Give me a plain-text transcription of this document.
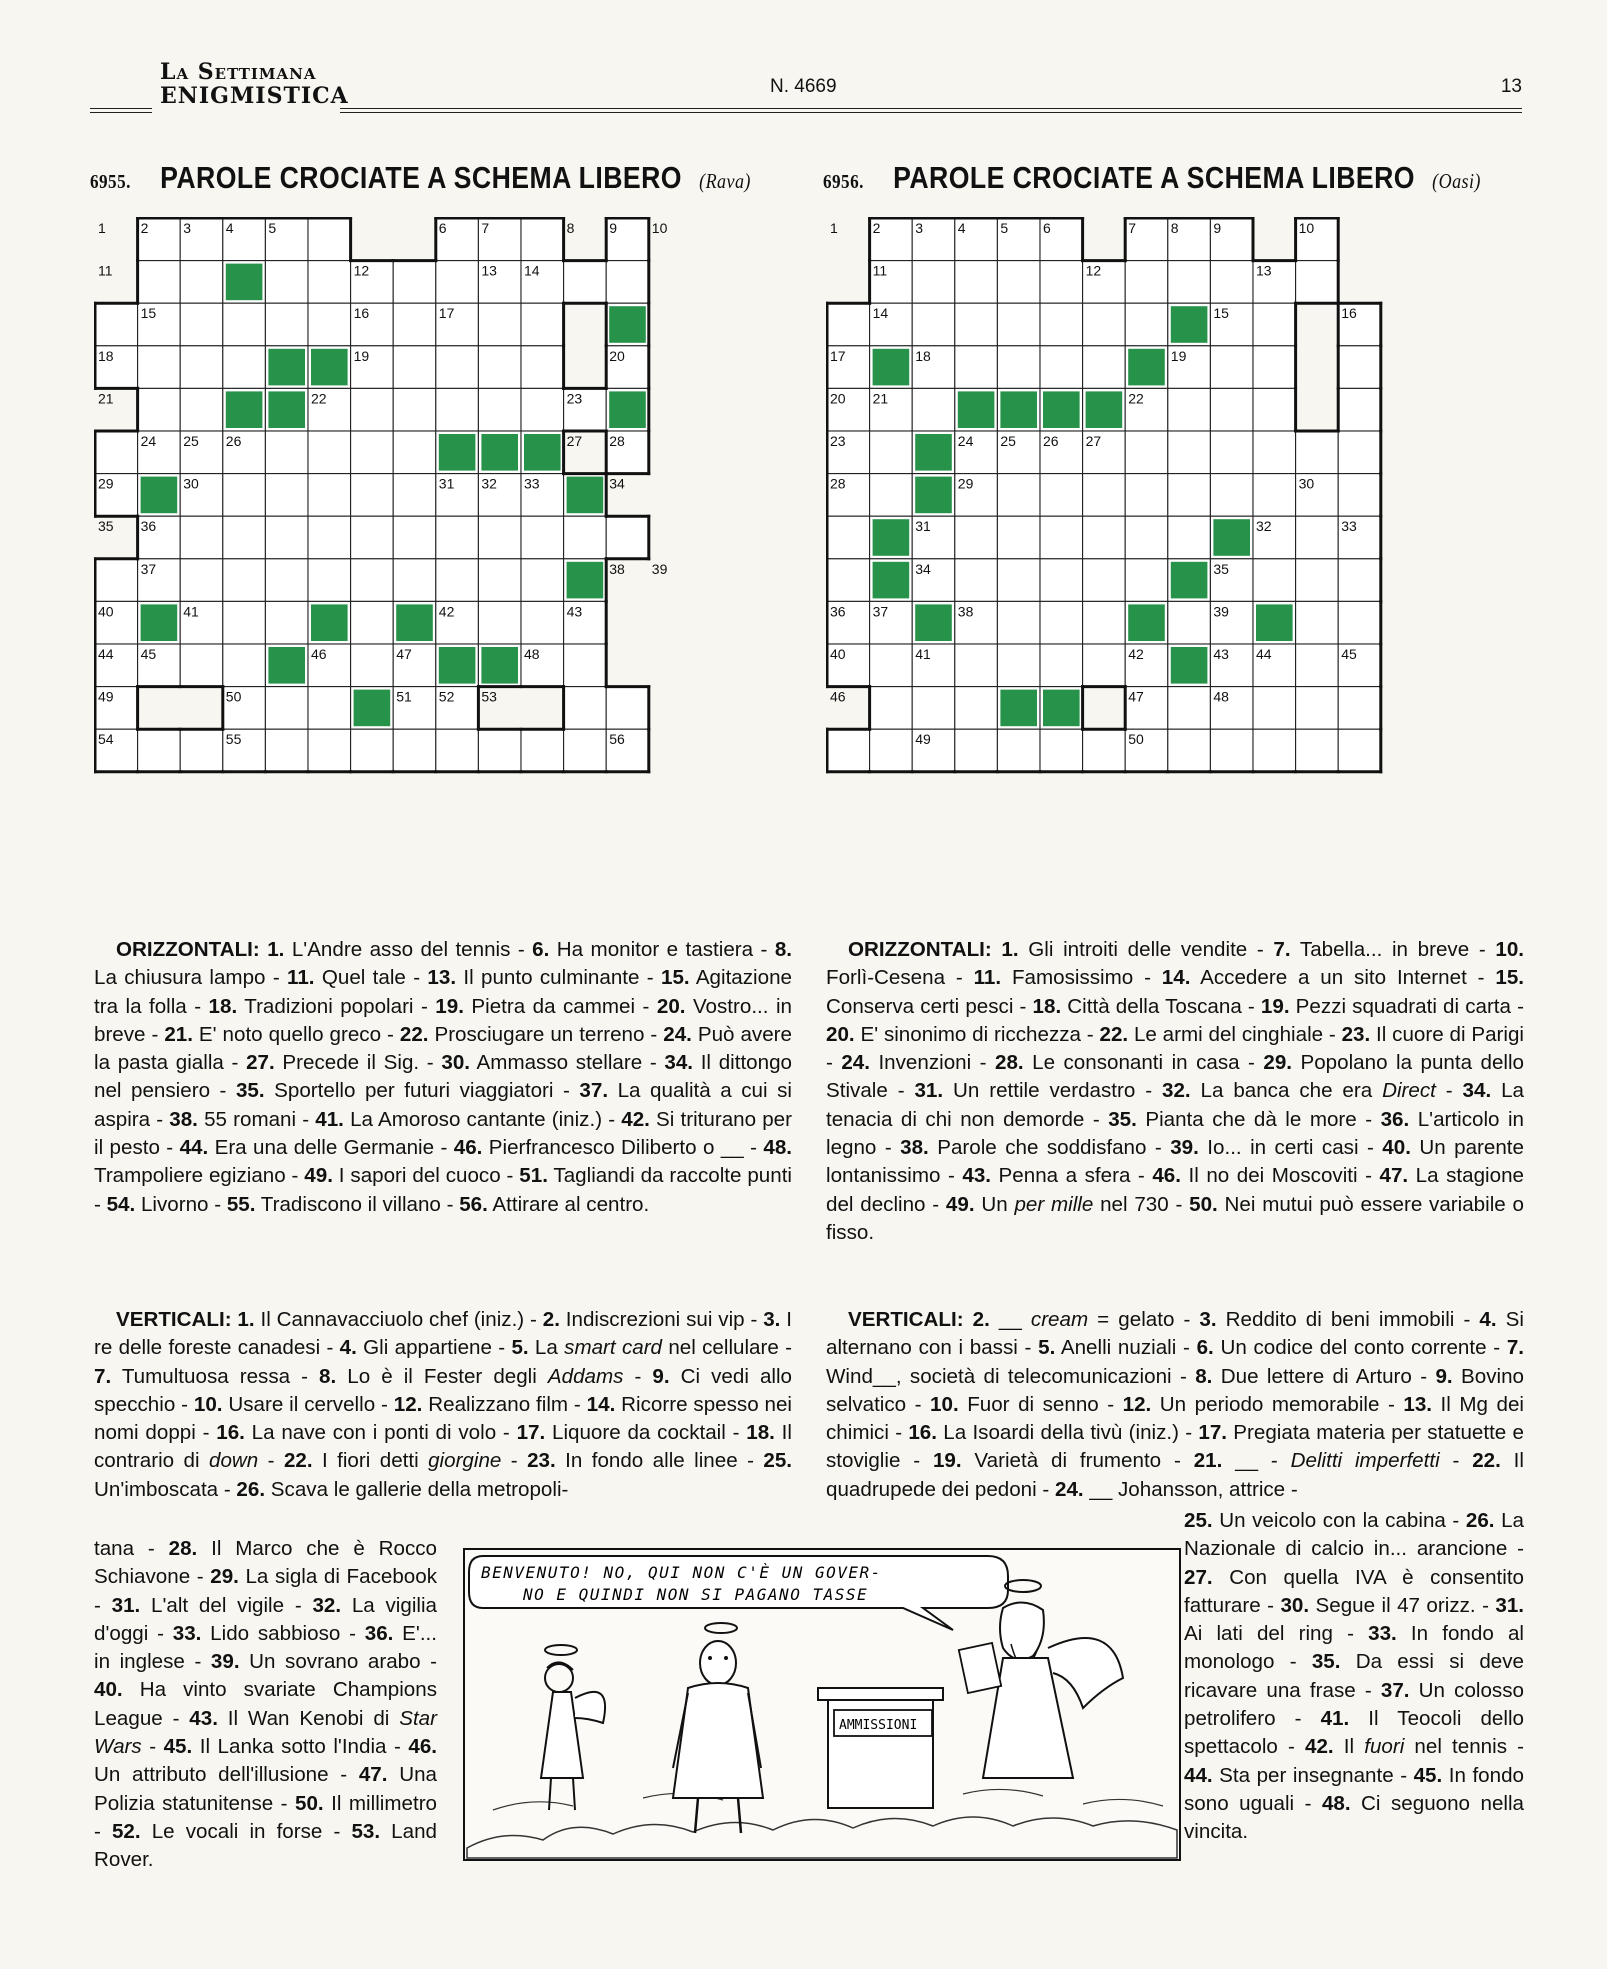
La Settimana
ENIGMISTICA	N. 4669	13
6955. PAROLE CROCIATE A SCHEMA LIBERO (Rava)	6956. PAROLE CROCIATE A SCHEMA LIBERO (Oasi)
1 2 3 4 5	6 7	8 9 10
11	12	13 14
15	16	17
18	19	20
21	22	23
24 25 26	27 28
29	30	31 32 33	34
35 36
37	38 39
40	41	42	43
44 45	46	47	48
49	50	51 52 53
54	55	56
1 2 3 4 5 6	7 8 9	10
11	12	13
14	15	16
17	18	19
20 21	22
23	24 25 26 27
28	29	30
31	32	33
34	35
36 37	38	39
40	41	42	43 44	45
46	47	48
49	50

ORIZZONTALI: 1. L'Andre asso del tennis - 6. Ha monitor e tastiera - 8. La chiusura lampo - 11. Quel tale - 13. Il punto culminante - 15. Agitazione tra la folla - 18. Tradizioni popolari - 19. Pietra da cammei - 20. Vostro... in breve - 21. E' noto quello greco - 22. Prosciugare un terreno - 24. Può avere la pasta gialla - 27. Precede il Sig. - 30. Ammasso stellare - 34. Il dittongo nel pensiero - 35. Sportello per futuri viaggiatori - 37. La qualità a cui si aspira - 38. 55 romani - 41. La Amoroso cantante (iniz.) - 42. Si triturano per il pesto - 44. Era una delle Germanie - 46. Pierfrancesco Diliberto o __ - 48. Trampoliere egiziano - 49. I sapori del cuoco - 51. Tagliandi da raccolte punti - 54. Livorno - 55. Tradiscono il villano - 56. Attirare al centro.

VERTICALI: 1. Il Cannavacciuolo chef (iniz.) - 2. Indiscrezioni sui vip - 3. I re delle foreste canadesi - 4. Gli appartiene - 5. La smart card nel cellulare - 7. Tumultuosa ressa - 8. Lo è il Fester degli Addams - 9. Ci vedi allo specchio - 10. Usare il cervello - 12. Realizzano film - 14. Ricorre spesso nei nomi doppi - 16. La nave con i ponti di volo - 17. Liquore da cocktail - 18. Il contrario di down - 22. I fiori detti giorgine - 23. In fondo alle linee - 25. Un'imboscata - 26. Scava le gallerie della metropoli-

tana - 28. Il Marco che è Rocco Schiavone - 29. La sigla di Facebook - 31. L'alt del vigile - 32. La vigilia d'oggi - 33. Lido sabbioso - 36. E'... in inglese - 39. Un sovrano arabo - 40. Ha vinto svariate Champions League - 43. Il Wan Kenobi di Star Wars - 45. Il Lanka sotto l'India - 46. Un attributo dell'illusione - 47. Una Polizia statunitense - 50. Il millimetro - 52. Le vocali in forse - 53. Land Rover.

ORIZZONTALI: 1. Gli introiti delle vendite - 7. Tabella... in breve - 10. Forlì-Cesena - 11. Famosissimo - 14. Accedere a un sito Internet - 15. Conserva certi pesci - 18. Città della Toscana - 19. Pezzi squadrati di carta - 20. E' sinonimo di ricchezza - 22. Le armi del cinghiale - 23. Il cuore di Parigi - 24. Invenzioni - 28. Le consonanti in casa - 29. Popolano la punta dello Stivale - 31. Un rettile verdastro - 32. La banca che era Direct - 34. La tenacia di chi non demorde - 35. Pianta che dà le more - 36. L'articolo in legno - 38. Parole che soddisfano - 39. Io... in certi casi - 40. Un parente lontanissimo - 43. Penna a sfera - 46. Il no dei Moscoviti - 47. La stagione del declino - 49. Un per mille nel 730 - 50. Nei mutui può essere variabile o fisso.

VERTICALI: 2. __ cream = gelato - 3. Reddito di beni immobili - 4. Si alternano con i bassi - 5. Anelli nuziali - 6. Un codice del conto corrente - 7. Wind__, società di telecomunicazioni - 8. Due lettere di Arturo - 9. Bovino selvatico - 10. Fuor di senno - 12. Un periodo memorabile - 13. Il Mg dei chimici - 16. La Isoardi della tivù (iniz.) - 17. Pregiata materia per statuette e stoviglie - 19. Varietà di frumento - 21. __ - Delitti imperfetti - 22. Il quadrupede dei pedoni - 24. __ Johansson, attrice -

25. Un veicolo con la cabina - 26. La Nazionale di calcio in... arancione - 27. Con quella IVA è consentito fatturare - 30. Segue il 47 orizz. - 31. Ai lati del ring - 33. In fondo al monologo - 35. Da essi si deve ricavare una frase - 37. Un colosso petrolifero - 41. Il Teocoli dello spettacolo - 42. Il fuori nel tennis - 44. Sta per insegnante - 45. In fondo sono uguali - 48. Ci seguono nella vincita.

BENVENUTO! NO, QUI NON C'È UN GOVER-
NO E QUINDI NON SI PAGANO TASSE
AMMISSIONI
